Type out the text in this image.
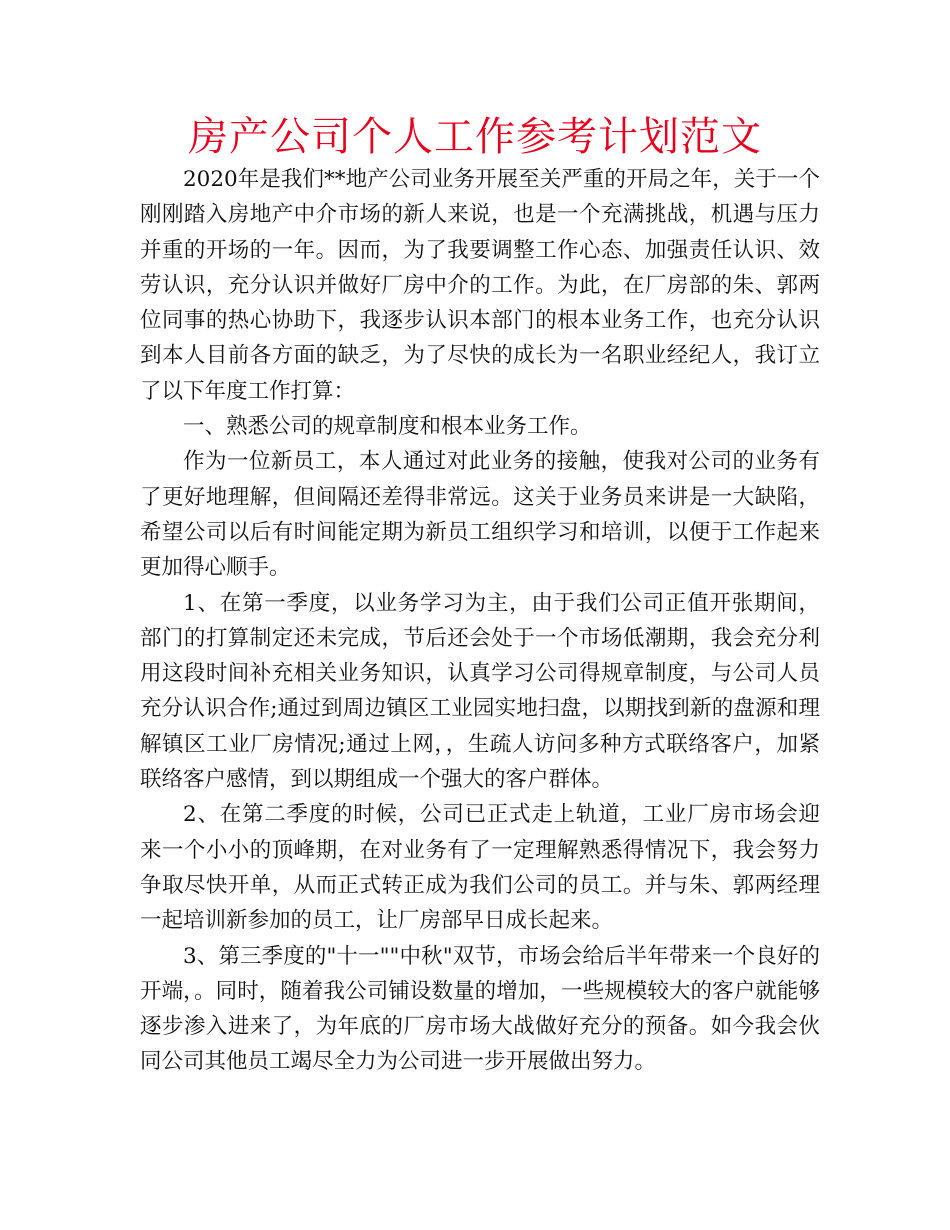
房产公司个人工作参考计划范文

2020年是我们**地产公司业务开展至关严重的开局之年，关于一个刚刚踏入房地产中介市场的新人来说，也是一个充满挑战，机遇与压力并重的开场的一年。因而，为了我要调整工作心态、加强责任认识、效劳认识，充分认识并做好厂房中介的工作。为此，在厂房部的朱、郭两位同事的热心协助下，我逐步认识本部门的根本业务工作，也充分认识到本人目前各方面的缺乏，为了尽快的成长为一名职业经纪人，我订立了以下年度工作打算：

一、熟悉公司的规章制度和根本业务工作。

作为一位新员工，本人通过对此业务的接触，使我对公司的业务有了更好地理解，但间隔还差得非常远。这关于业务员来讲是一大缺陷，希望公司以后有时间能定期为新员工组织学习和培训，以便于工作起来更加得心顺手。

1、在第一季度，以业务学习为主，由于我们公司正值开张期间，部门的打算制定还未完成，节后还会处于一个市场低潮期，我会充分利用这段时间补充相关业务知识，认真学习公司得规章制度，与公司人员充分认识合作;通过到周边镇区工业园实地扫盘，以期找到新的盘源和理解镇区工业厂房情况;通过上网，，生疏人访问多种方式联络客户，加紧联络客户感情，到以期组成一个强大的客户群体。

2、在第二季度的时候，公司已正式走上轨道，工业厂房市场会迎来一个小小的顶峰期，在对业务有了一定理解熟悉得情况下，我会努力争取尽快开单，从而正式转正成为我们公司的员工。并与朱、郭两经理一起培训新参加的员工，让厂房部早日成长起来。

3、第三季度的"十一""中秋"双节，市场会给后半年带来一个良好的开端，。同时，随着我公司铺设数量的增加，一些规模较大的客户就能够逐步渗入进来了，为年底的厂房市场大战做好充分的预备。如今我会伙同公司其他员工竭尽全力为公司进一步开展做出努力。
